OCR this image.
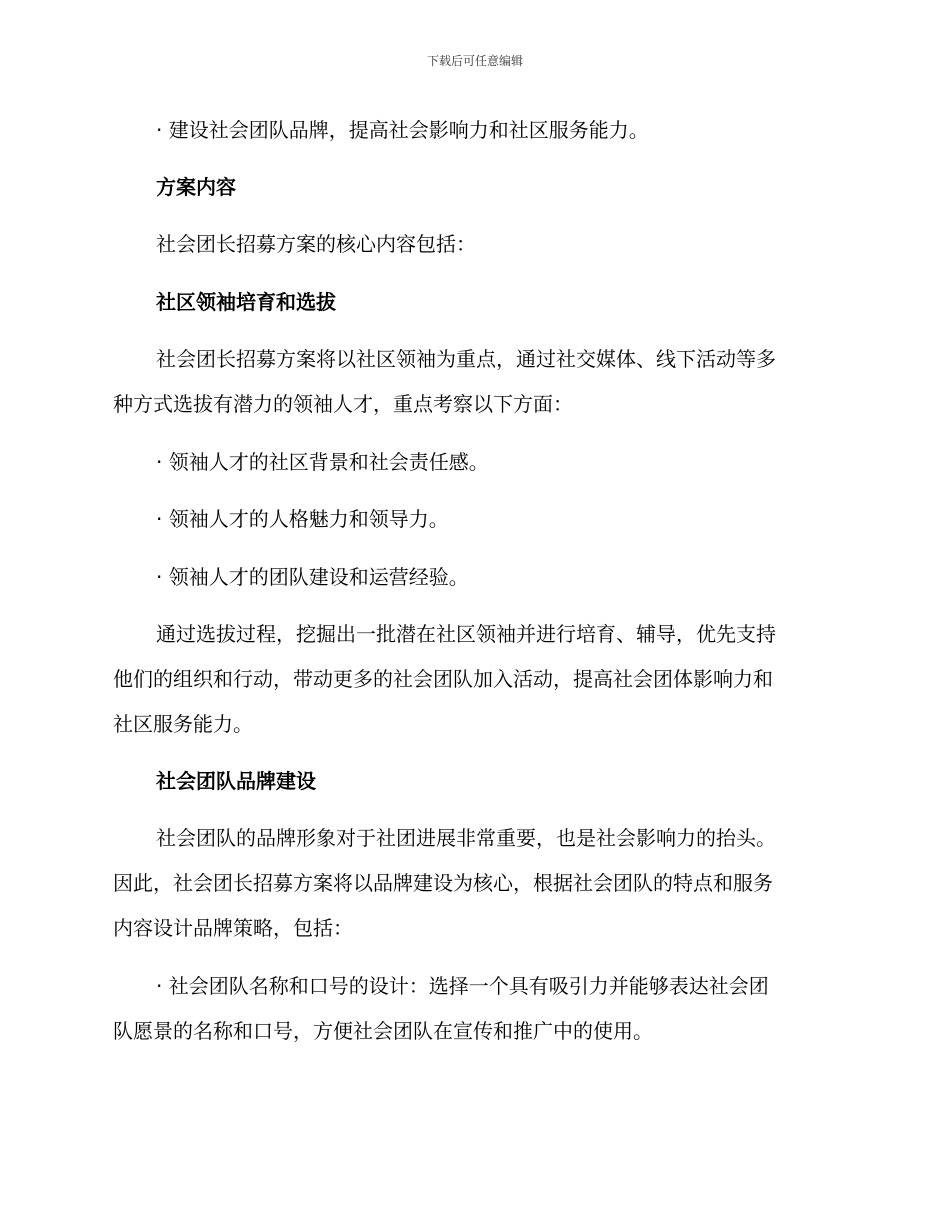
下载后可任意编辑

· 建设社会团队品牌，提高社会影响力和社区服务能力。

方案内容

社会团长招募方案的核心内容包括：

社区领袖培育和选拔

社会团长招募方案将以社区领袖为重点，通过社交媒体、线下活动等多
种方式选拔有潜力的领袖人才，重点考察以下方面：

· 领袖人才的社区背景和社会责任感。

· 领袖人才的人格魅力和领导力。

· 领袖人才的团队建设和运营经验。

通过选拔过程，挖掘出一批潜在社区领袖并进行培育、辅导，优先支持
他们的组织和行动，带动更多的社会团队加入活动，提高社会团体影响力和
社区服务能力。

社会团队品牌建设

社会团队的品牌形象对于社团进展非常重要，也是社会影响力的抬头。
因此，社会团长招募方案将以品牌建设为核心，根据社会团队的特点和服务
内容设计品牌策略，包括：
· 社会团队名称和口号的设计：选择一个具有吸引力并能够表达社会团
队愿景的名称和口号，方便社会团队在宣传和推广中的使用。
